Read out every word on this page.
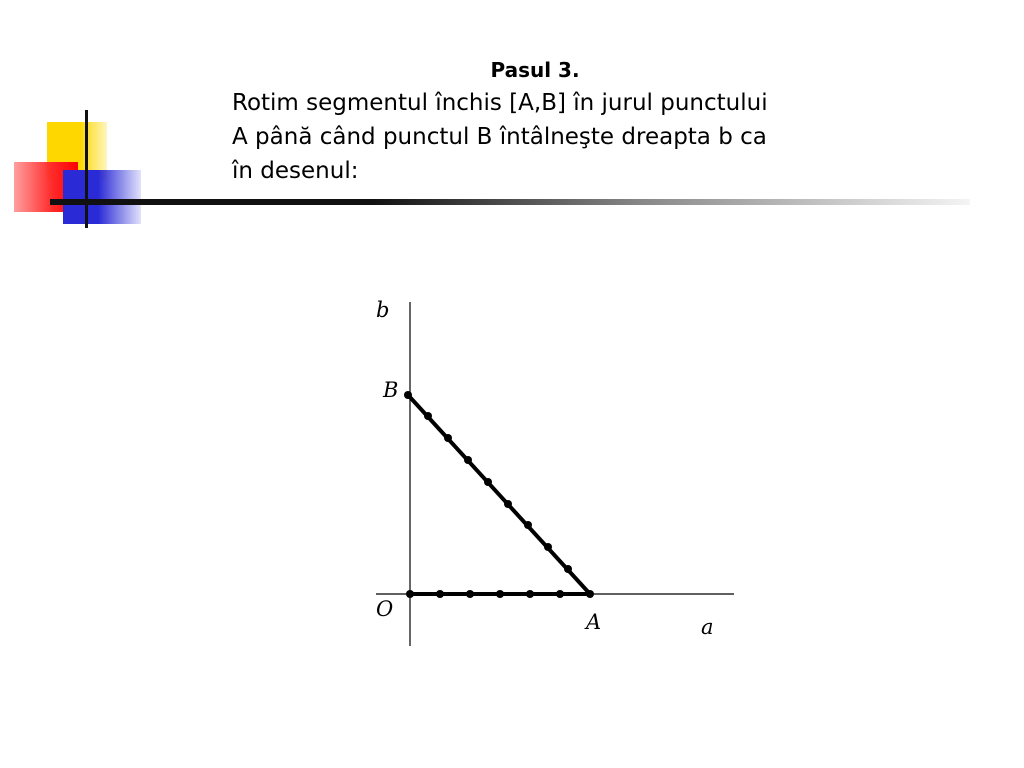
Pasul 3.
Rotim segmentul închis [A,B] în jurul punctului
A până când punctul B întâlneşte dreapta b ca
în desenul:
b
B
O
A	a
